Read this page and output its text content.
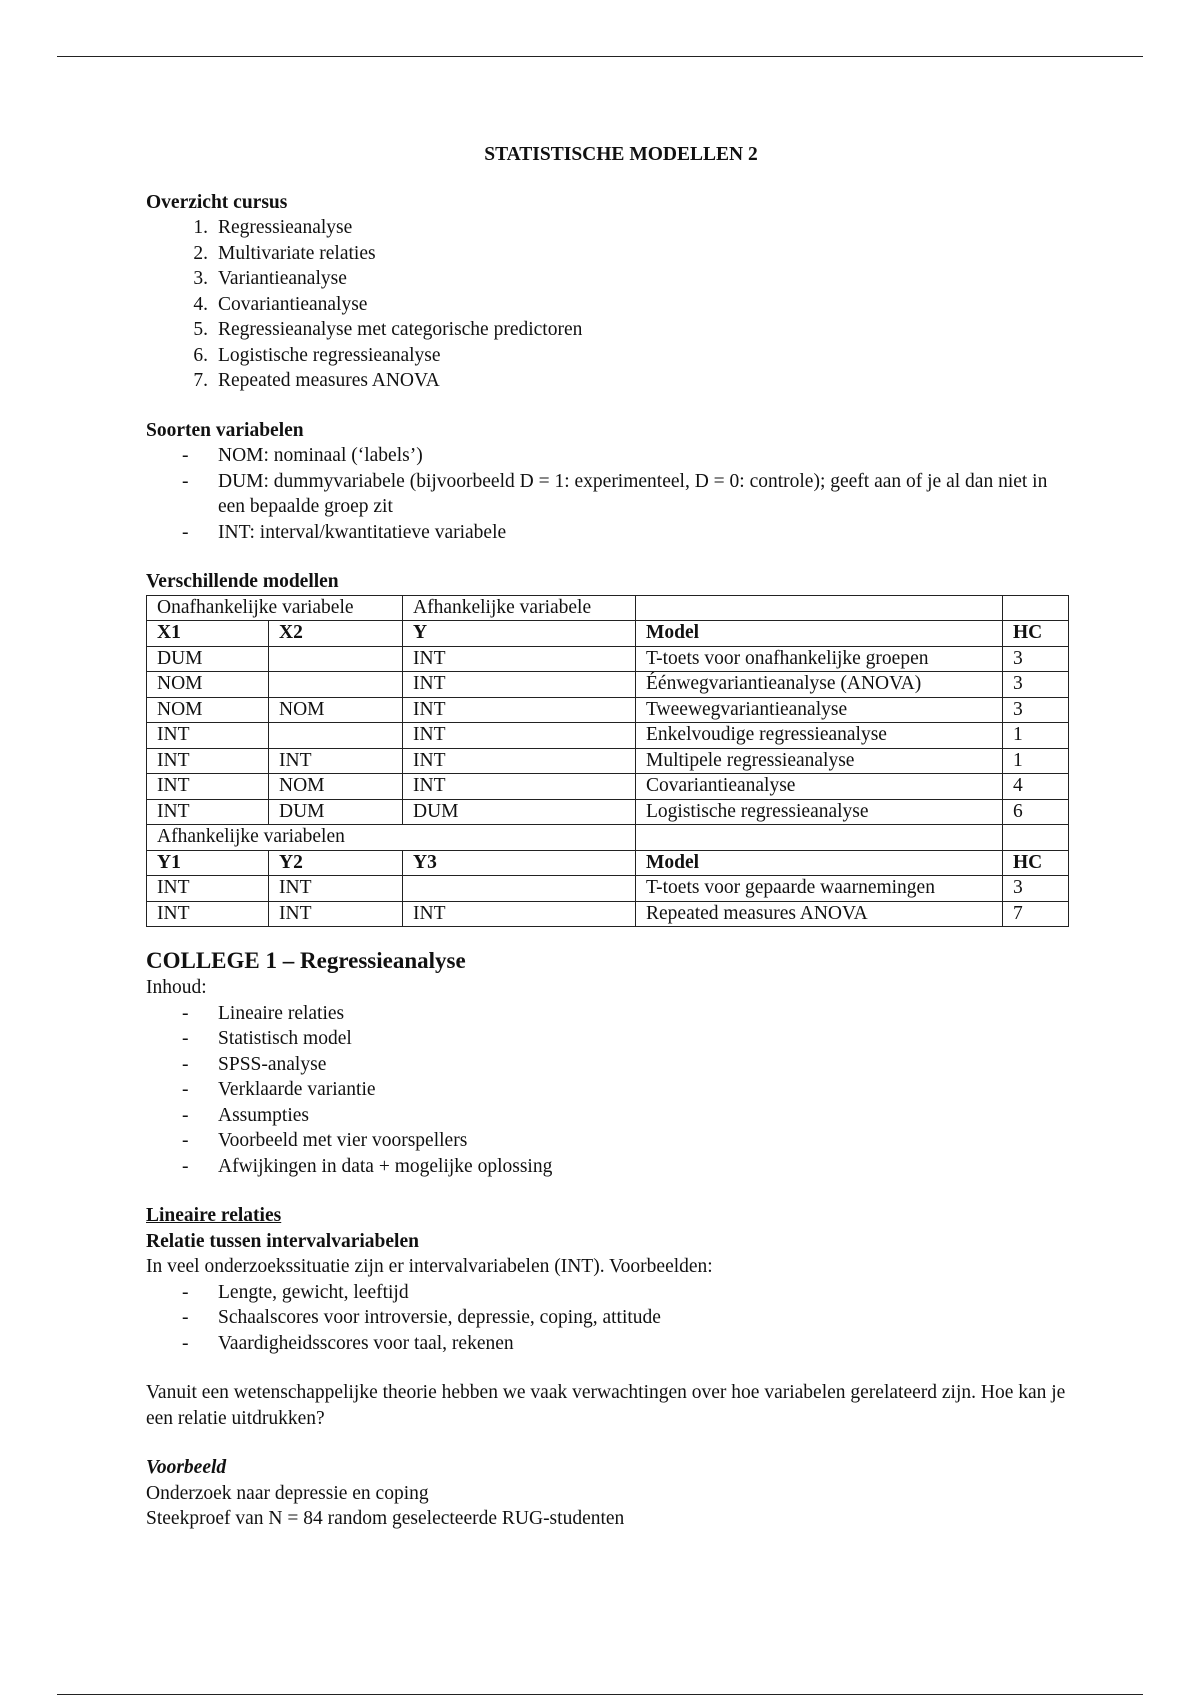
STATISTISCHE MODELLEN 2

Overzicht cursus

1. Regressieanalyse
2. Multivariate relaties
3. Variantieanalyse
4. Covariantieanalyse
5. Regressieanalyse met categorische predictoren
6. Logistische regressieanalyse
7. Repeated measures ANOVA

Soorten variabelen

- NOM: nominaal (‘labels’)
- DUM: dummyvariabele (bijvoorbeeld D = 1: experimenteel, D = 0: controle); geeft aan of je al dan niet in een bepaalde groep zit
- INT: interval/kwantitatieve variabele

Verschillende modellen

Onafhankelijke variabele		Afhankelijke variabele		
X1	X2	Y	Model	HC
DUM		INT	T-toets voor onafhankelijke groepen	3
NOM		INT	Éénwegvariantieanalyse (ANOVA)	3
NOM	NOM	INT	Tweewegvariantieanalyse	3
INT		INT	Enkelvoudige regressieanalyse	1
INT	INT	INT	Multipele regressieanalyse	1
INT	NOM	INT	Covariantieanalyse	4
INT	DUM	DUM	Logistische regressieanalyse	6
Afhankelijke variabelen				
Y1	Y2	Y3	Model	HC
INT	INT		T-toets voor gepaarde waarnemingen	3
INT	INT	INT	Repeated measures ANOVA	7

COLLEGE 1 – Regressieanalyse

Inhoud:

- Lineaire relaties
- Statistisch model
- SPSS-analyse
- Verklaarde variantie
- Assumpties
- Voorbeeld met vier voorspellers
- Afwijkingen in data + mogelijke oplossing

Lineaire relaties

Relatie tussen intervalvariabelen

In veel onderzoekssituatie zijn er intervalvariabelen (INT). Voorbeelden:

- Lengte, gewicht, leeftijd
- Schaalscores voor introversie, depressie, coping, attitude
- Vaardigheidsscores voor taal, rekenen

Vanuit een wetenschappelijke theorie hebben we vaak verwachtingen over hoe variabelen gerelateerd zijn. Hoe kan je een relatie uitdrukken?

Voorbeeld

Onderzoek naar depressie en coping

Steekproef van N = 84 random geselecteerde RUG-studenten
